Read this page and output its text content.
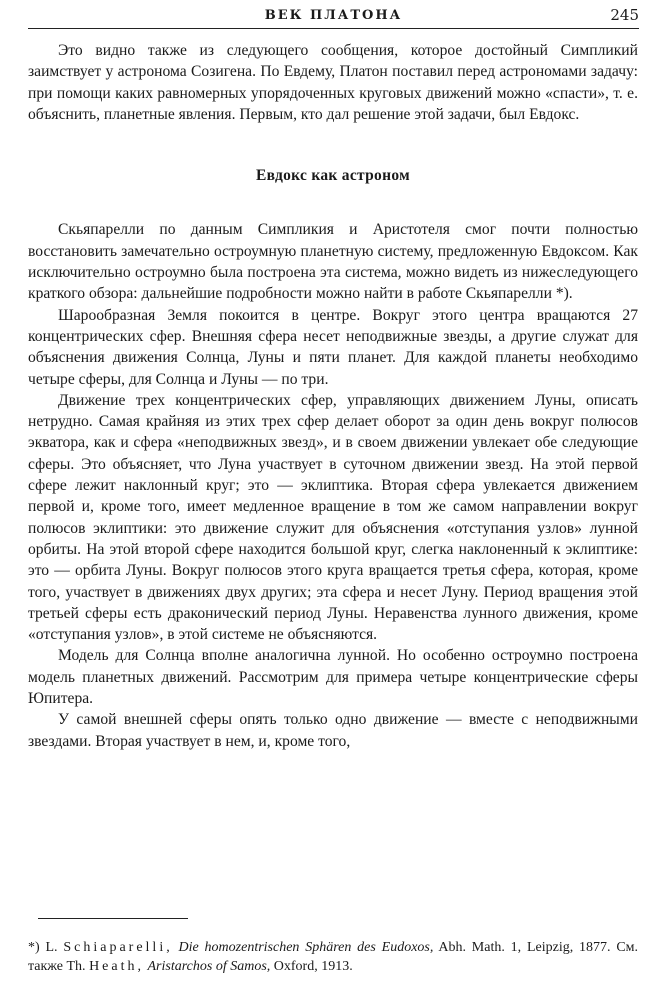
ВЕК ПЛАТОНА	245

Это видно также из следующего сообщения, которое достойный Симпликий заимствует у астронома Созигена. По Евдему, Платон поставил перед астрономами задачу: при помощи каких равномерных упорядоченных круговых движений можно «спасти», т. е. объяснить, планетные явления. Первым, кто дал решение этой задачи, был Евдокс.

Евдокс как астроном

Скьяпарелли по данным Симпликия и Аристотеля смог почти полностью восстановить замечательно остроумную планетную систему, предложенную Евдоксом. Как исключительно остроумно была построена эта система, можно видеть из нижеследующего краткого обзора: дальнейшие подробности можно найти в работе Скьяпарелли *).

Шарообразная Земля покоится в центре. Вокруг этого центра вращаются 27 концентрических сфер. Внешняя сфера несет неподвижные звезды, а другие служат для объяснения движения Солнца, Луны и пяти планет. Для каждой планеты необходимо четыре сферы, для Солнца и Луны — по три.

Движение трех концентрических сфер, управляющих движением Луны, описать нетрудно. Самая крайняя из этих трех сфер делает оборот за один день вокруг полюсов экватора, как и сфера «неподвижных звезд», и в своем движении увлекает обе следующие сферы. Это объясняет, что Луна участвует в суточном движении звезд. На этой первой сфере лежит наклонный круг; это — эклиптика. Вторая сфера увлекается движением первой и, кроме того, имеет медленное вращение в том же самом направлении вокруг полюсов эклиптики: это движение служит для объяснения «отступания узлов» лунной орбиты. На этой второй сфере находится большой круг, слегка наклоненный к эклиптике: это — орбита Луны. Вокруг полюсов этого круга вращается третья сфера, которая, кроме того, участвует в движениях двух других; эта сфера и несет Луну. Период вращения этой третьей сферы есть драконический период Луны. Неравенства лунного движения, кроме «отступания узлов», в этой системе не объясняются.

Модель для Солнца вполне аналогична лунной. Но особенно остроумно построена модель планетных движений. Рассмотрим для примера четыре концентрические сферы Юпитера.

У самой внешней сферы опять только одно движение — вместе с неподвижными звездами. Вторая участвует в нем, и, кроме того,

*) L. Schiaparelli, Die homozentrischen Sphären des Eudoxos, Abh. Math. 1, Leipzig, 1877. См. также Th. Heath, Aristarchos of Samos, Oxford, 1913.
